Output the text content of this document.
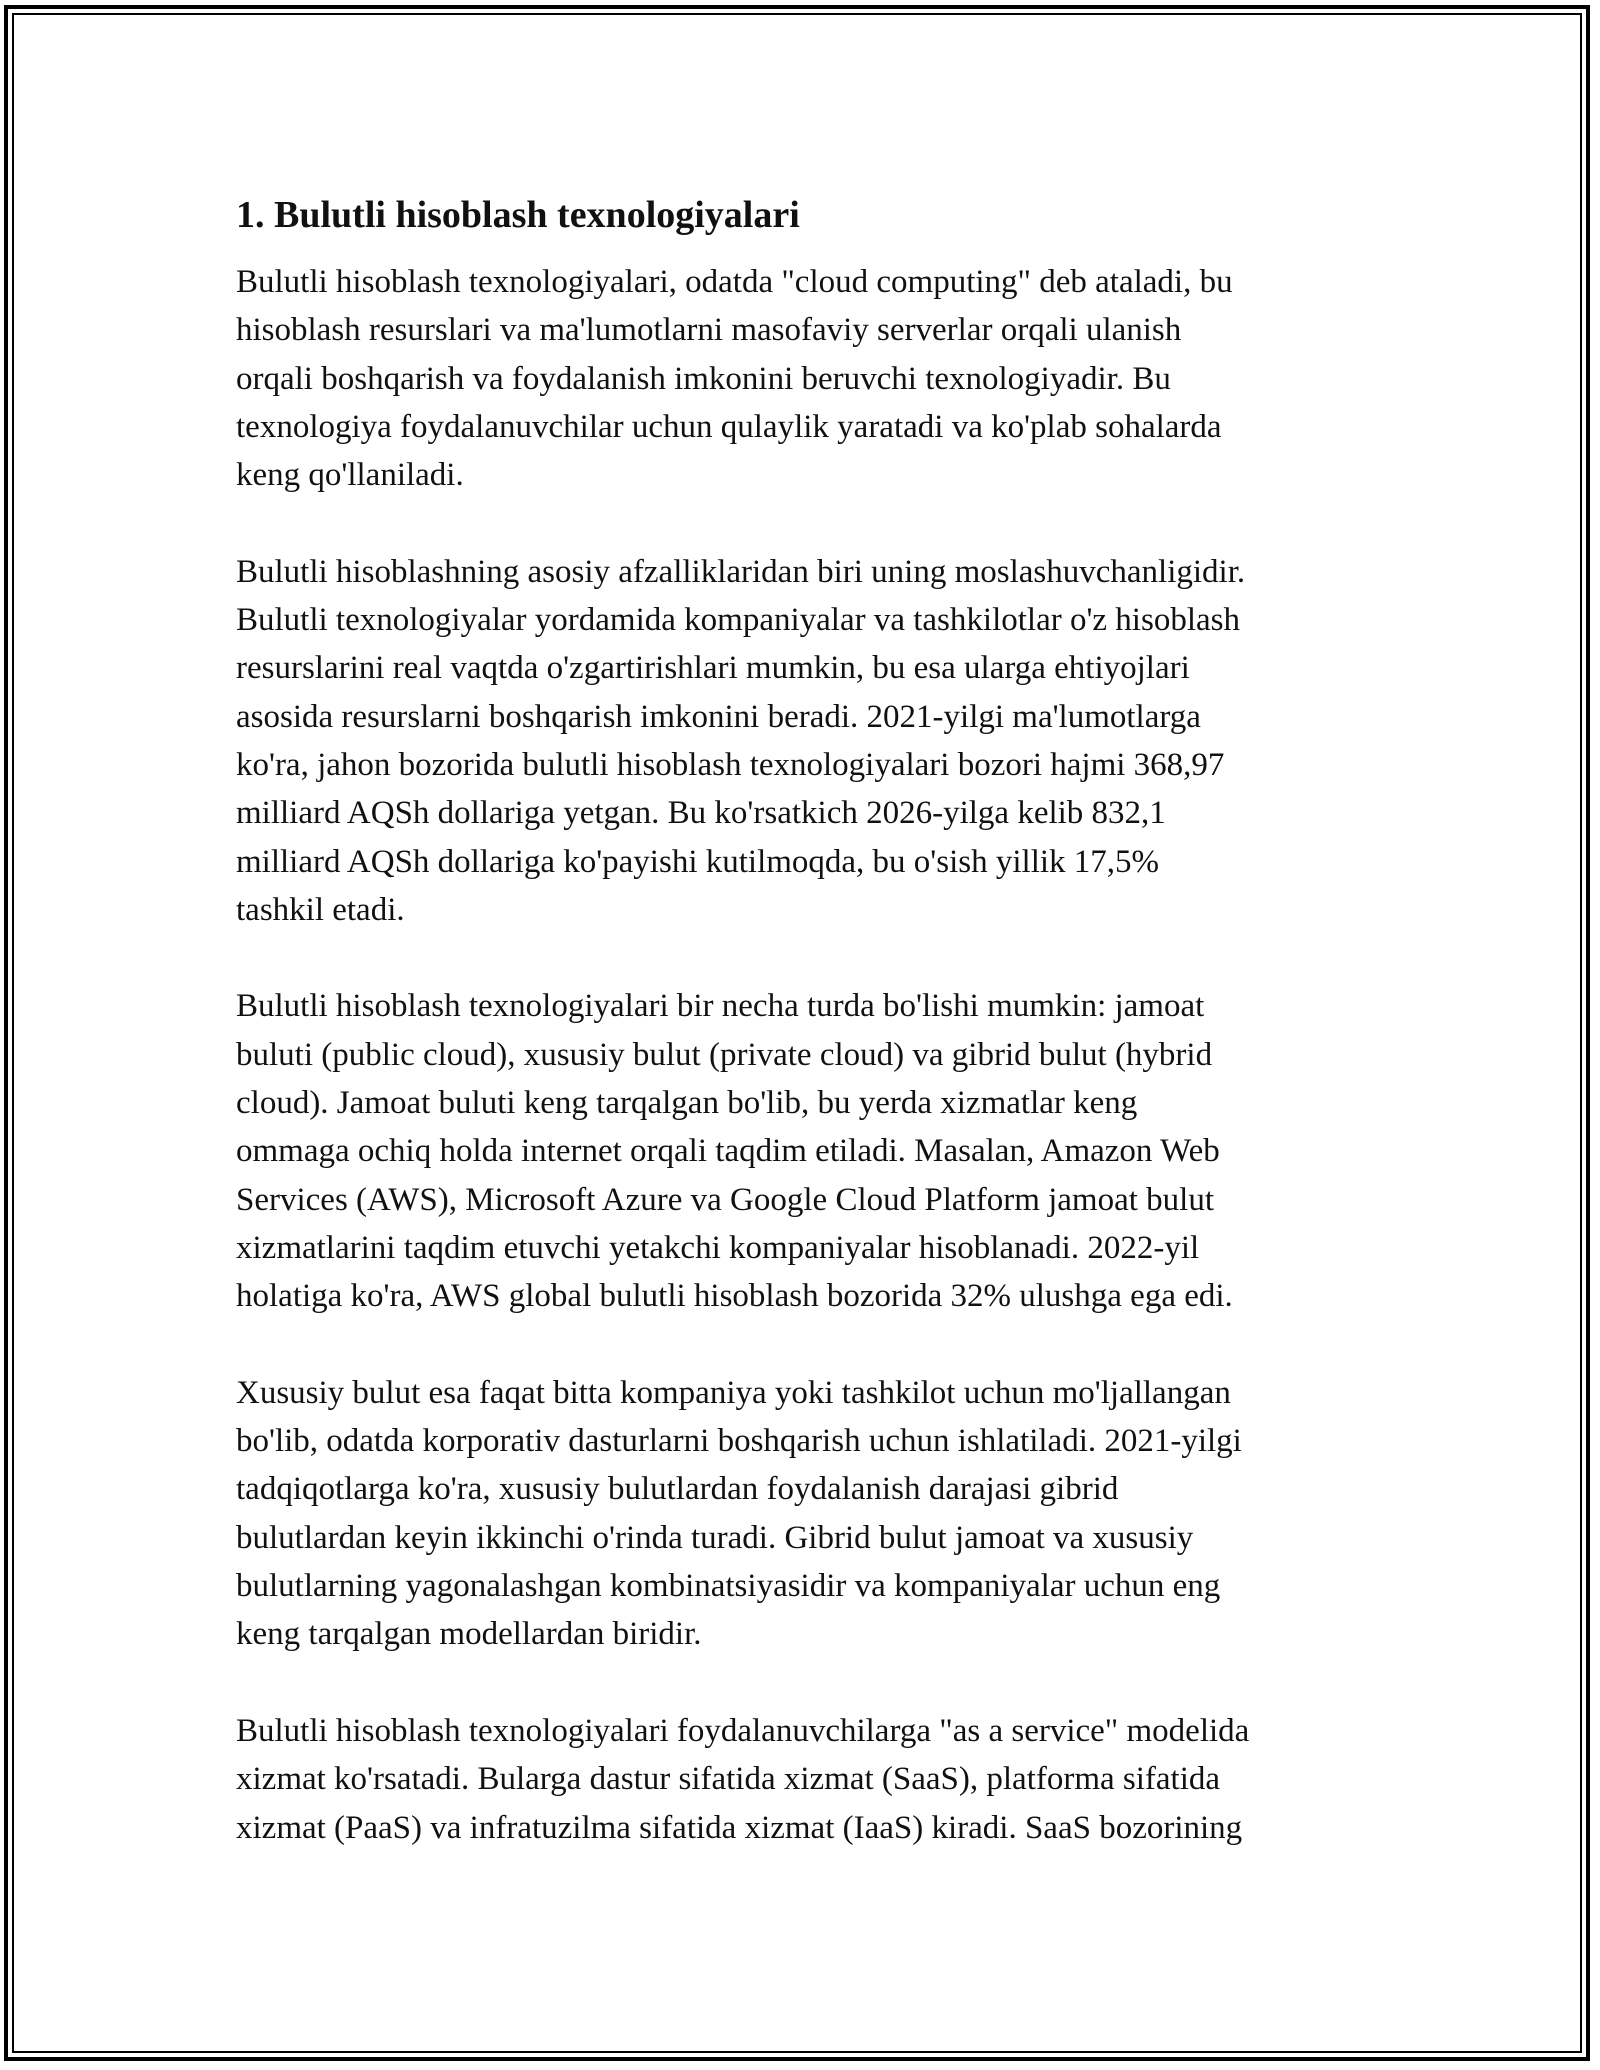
1. Bulutli hisoblash texnologiyalari

Bulutli hisoblash texnologiyalari, odatda "cloud computing" deb ataladi, bu
hisoblash resurslari va ma'lumotlarni masofaviy serverlar orqali ulanish
orqali boshqarish va foydalanish imkonini beruvchi texnologiyadir. Bu
texnologiya foydalanuvchilar uchun qulaylik yaratadi va ko'plab sohalarda
keng qo'llaniladi.

Bulutli hisoblashning asosiy afzalliklaridan biri uning moslashuvchanligidir.
Bulutli texnologiyalar yordamida kompaniyalar va tashkilotlar o'z hisoblash
resurslarini real vaqtda o'zgartirishlari mumkin, bu esa ularga ehtiyojlari
asosida resurslarni boshqarish imkonini beradi. 2021-yilgi ma'lumotlarga
ko'ra, jahon bozorida bulutli hisoblash texnologiyalari bozori hajmi 368,97
milliard AQSh dollariga yetgan. Bu ko'rsatkich 2026-yilga kelib 832,1
milliard AQSh dollariga ko'payishi kutilmoqda, bu o'sish yillik 17,5%
tashkil etadi.

Bulutli hisoblash texnologiyalari bir necha turda bo'lishi mumkin: jamoat
buluti (public cloud), xususiy bulut (private cloud) va gibrid bulut (hybrid
cloud). Jamoat buluti keng tarqalgan bo'lib, bu yerda xizmatlar keng
ommaga ochiq holda internet orqali taqdim etiladi. Masalan, Amazon Web
Services (AWS), Microsoft Azure va Google Cloud Platform jamoat bulut
xizmatlarini taqdim etuvchi yetakchi kompaniyalar hisoblanadi. 2022-yil
holatiga ko'ra, AWS global bulutli hisoblash bozorida 32% ulushga ega edi.

Xususiy bulut esa faqat bitta kompaniya yoki tashkilot uchun mo'ljallangan
bo'lib, odatda korporativ dasturlarni boshqarish uchun ishlatiladi. 2021-yilgi
tadqiqotlarga ko'ra, xususiy bulutlardan foydalanish darajasi gibrid
bulutlardan keyin ikkinchi o'rinda turadi. Gibrid bulut jamoat va xususiy
bulutlarning yagonalashgan kombinatsiyasidir va kompaniyalar uchun eng
keng tarqalgan modellardan biridir.

Bulutli hisoblash texnologiyalari foydalanuvchilarga "as a service" modelida
xizmat ko'rsatadi. Bularga dastur sifatida xizmat (SaaS), platforma sifatida
xizmat (PaaS) va infratuzilma sifatida xizmat (IaaS) kiradi. SaaS bozorining
